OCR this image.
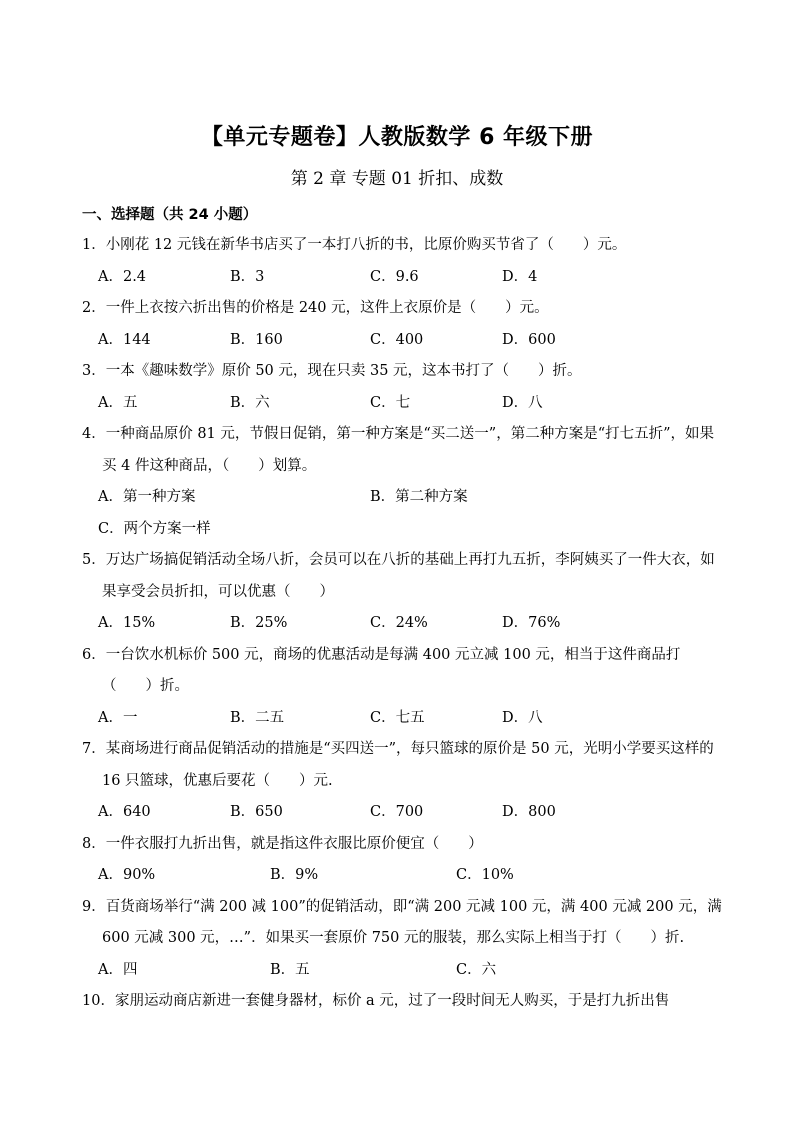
【单元专题卷】人教版数学 6 年级下册
第 2 章 专题 01 折扣、成数
一、选择题（共 24 小题）
1．小刚花 12 元钱在新华书店买了一本打八折的书，比原价购买节省了（　　）元。
A．2.4	B．3	C．9.6	D．4
2．一件上衣按六折出售的价格是 240 元，这件上衣原价是（　　）元。
A．144	B．160	C．400	D．600
3．一本《趣味数学》原价 50 元，现在只卖 35 元，这本书打了（　　）折。
A．五	B．六	C．七	D．八
4．一种商品原价 81 元，节假日促销，第一种方案是“买二送一”，第二种方案是“打七五折”，如果买 4 件这种商品，（　　）划算。
A．第一种方案	B．第二种方案
C．两个方案一样
5．万达广场搞促销活动全场八折，会员可以在八折的基础上再打九五折，李阿姨买了一件大衣，如果享受会员折扣，可以优惠（　　）
A．15%	B．25%	C．24%	D．76%
6．一台饮水机标价 500 元，商场的优惠活动是每满 400 元立减 100 元，相当于这件商品打（　　）折。
A．一	B．二五	C．七五	D．八
7．某商场进行商品促销活动的措施是“买四送一”，每只篮球的原价是 50 元，光明小学要买这样的 16 只篮球，优惠后要花（　　）元.
A．640	B．650	C．700	D．800
8．一件衣服打九折出售，就是指这件衣服比原价便宜（　　）
A．90%	B．9%	C．10%
9．百货商场举行“满 200 减 100”的促销活动，即“满 200 元减 100 元，满 400 元减 200 元，满 600 元减 300 元，…”．如果买一套原价 750 元的服装，那么实际上相当于打（　　）折.
A．四	B．五	C．六
10．家朋运动商店新进一套健身器材，标价 a 元，过了一段时间无人购买，于是打九折出售
